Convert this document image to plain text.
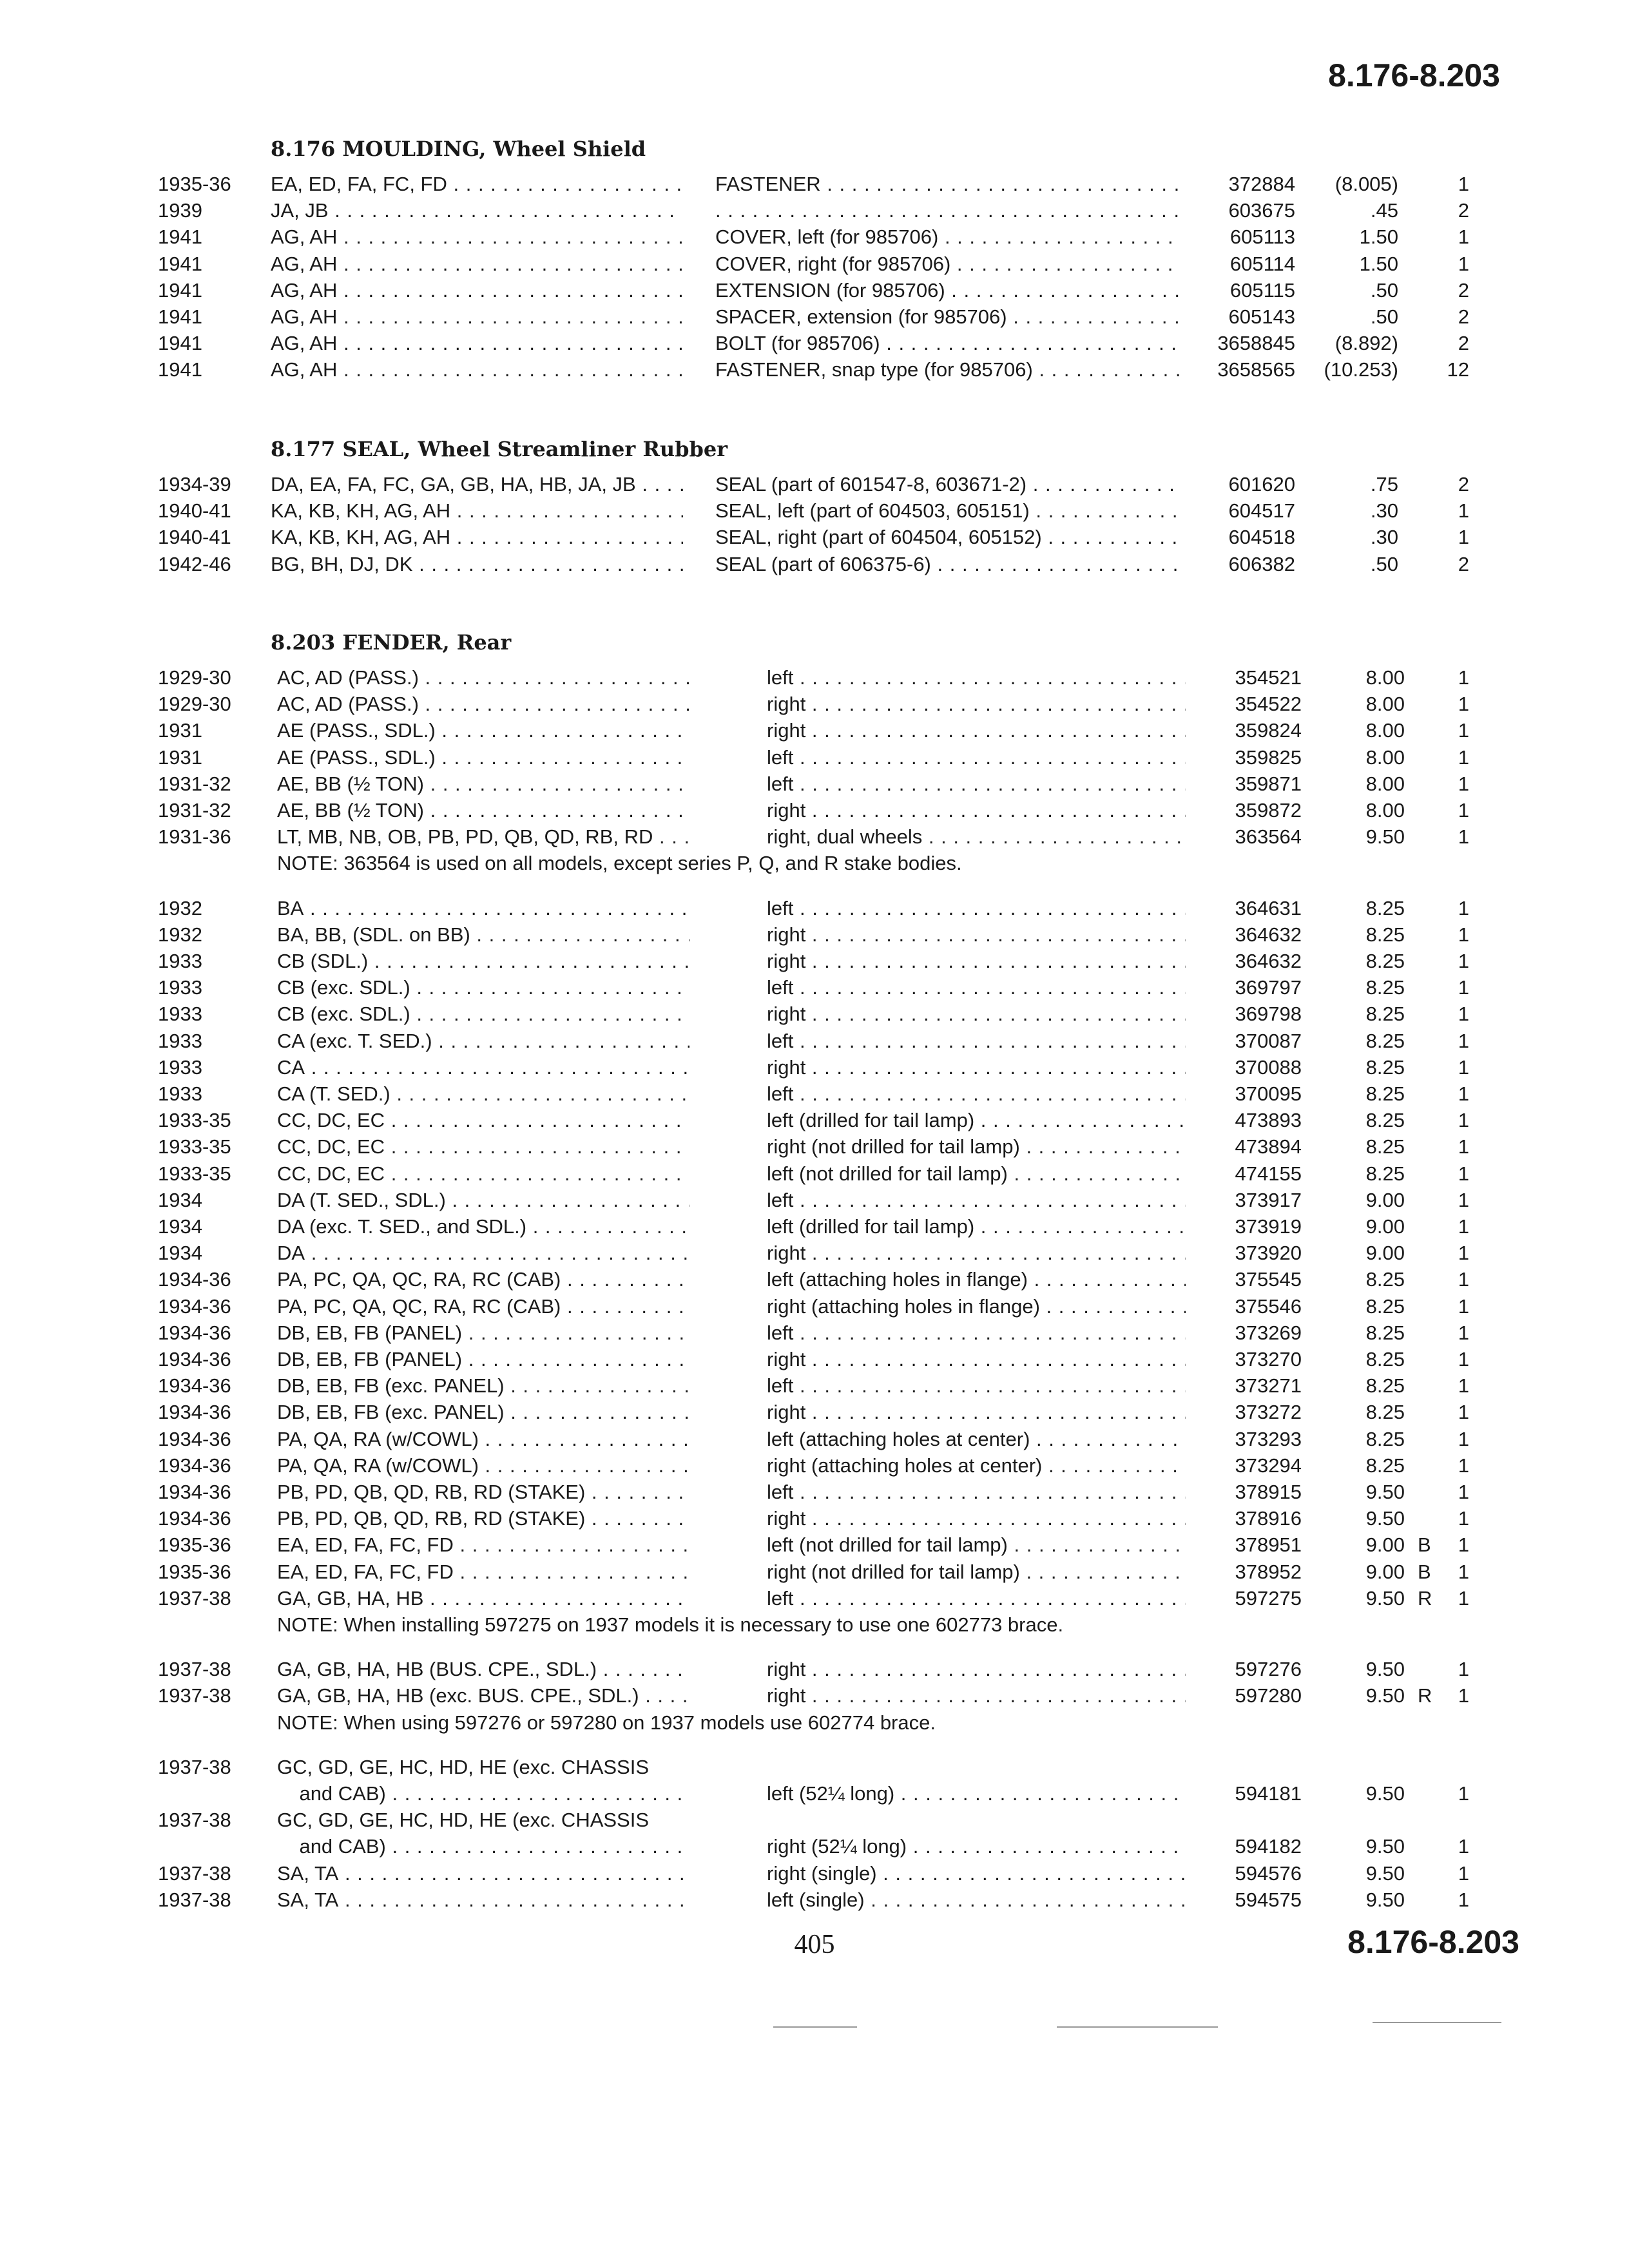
8.176-8.203
8.176 MOULDING, Wheel Shield
1935-36 EA, ED, FA, FC, FD . . .	FASTENER . . .	372884	(8.005)	1
1939	JA, JB . . .
. . .	603675	.45	2
1941	AG, AH . . .	COVER, left (for 985706) . . .	605113	1.50	1
1941	AG, AH . . .	COVER, right (for 985706) . . .	605114	1.50	1
1941	AG, AH . . .	EXTENSION (for 985706) . . .	605115	.50	2
1941	AG, AH . . .	SPACER, extension (for 985706) . . .	605143	.50	2
1941	AG, AH . . .	BOLT (for 985706) . . .	3658845	(8.892)	2
1941	AG, AH . . .	FASTENER, snap type (for 985706) . . .	3658565	(10.253) 12
8.177 SEAL, Wheel Streamliner Rubber
1934-39 DA, EA, FA, FC, GA, GB, HA, HB, JA, JB . . .	SEAL (part of 601547-8, 603671-2) . . .	601620	.75	2
1940-41 KA, KB, KH, AG, AH . . .	SEAL, left (part of 604503, 605151) . . .	604517	.30	1
1940-41 KA, KB, KH, AG, AH . . .	SEAL, right (part of 604504, 605152) . . .	604518	.30	1
1942-46 BG, BH, DJ, DK . . .	SEAL (part of 606375-6) . . .	606382	.50	2
8.203 FENDER, Rear
1929-30 AC, AD (PASS.) . . .	left . . .	354521	8.00	1
1929-30 AC, AD (PASS.) . . .	right . . .	354522	8.00	1
1931	AE (PASS., SDL.) . . .	right . . .	359824	8.00	1
1931	AE (PASS., SDL.) . . .	left . . .	359825	8.00	1
1931-32 AE, BB (½ TON) . . .	left . . .	359871	8.00	1
1931-32 AE, BB (½ TON) . . .	right . . .	359872	8.00	1
1931-36 LT, MB, NB, OB, PB, PD, QB, QD, RB, RD . . .	right, dual wheels . . .	363564	9.50	1
NOTE: 363564 is used on all models, except series P, Q, and R stake bodies.
1932	BA . . .	left . . .	364631	8.25	1
1932	BA, BB, (SDL. on BB) . . .	right . . .	364632	8.25	1
1933	CB (SDL.) . . .	right . . .	364632	8.25	1
1933	CB (exc. SDL.) . . .	left . . .	369797	8.25	1
1933	CB (exc. SDL.) . . .	right . . .	369798	8.25	1
1933	CA (exc. T. SED.) . . .	left . . .	370087	8.25	1
1933	CA . . .	right . . .	370088	8.25	1
1933	CA (T. SED.) . . .	left . . .	370095	8.25	1
1933-35 CC, DC, EC . . .	left (drilled for tail lamp) . . .	473893	8.25	1
1933-35 CC, DC, EC . . .	right (not drilled for tail lamp) . . .	473894	8.25	1
1933-35 CC, DC, EC . . .	left (not drilled for tail lamp) . . .	474155	8.25	1
1934	DA (T. SED., SDL.) . . .	left . . .	373917	9.00	1
1934	DA (exc. T. SED., and SDL.) . . .	left (drilled for tail lamp) . . .	373919	9.00	1
1934	DA . . .	right . . .	373920	9.00	1
1934-36 PA, PC, QA, QC, RA, RC (CAB) . . .	left (attaching holes in flange) . . .	375545	8.25	1
1934-36 PA, PC, QA, QC, RA, RC (CAB) . . .	right (attaching holes in flange) . . .	375546	8.25	1
1934-36 DB, EB, FB (PANEL) . . .	left . . .	373269	8.25	1
1934-36 DB, EB, FB (PANEL) . . .	right . . .	373270	8.25	1
1934-36 DB, EB, FB (exc. PANEL) . . .	left . . .	373271	8.25	1
1934-36 DB, EB, FB (exc. PANEL) . . .	right . . .	373272	8.25	1
1934-36 PA, QA, RA (w/COWL) . . .	left (attaching holes at center) . . .	373293	8.25	1
1934-36 PA, QA, RA (w/COWL) . . .	right (attaching holes at center) . . .	373294	8.25	1
1934-36 PB, PD, QB, QD, RB, RD (STAKE) . . .	left . . .	378915	9.50	1
1934-36 PB, PD, QB, QD, RB, RD (STAKE) . . .	right . . .	378916	9.50	1
1935-36 EA, ED, FA, FC, FD . . .	left (not drilled for tail lamp) . . .	378951	9.00 B	1
1935-36 EA, ED, FA, FC, FD . . .	right (not drilled for tail lamp) . . .	378952	9.00 B	1
1937-38 GA, GB, HA, HB . . .	left . . .	597275	9.50 R	1
NOTE: When installing 597275 on 1937 models it is necessary to use one 602773 brace.
1937-38 GA, GB, HA, HB (BUS. CPE., SDL.) . . .	right . . .	597276	9.50	1
1937-38 GA, GB, HA, HB (exc. BUS. CPE., SDL.) . . .	right . . .	597280	9.50 R	1
NOTE: When using 597276 or 597280 on 1937 models use 602774 brace.
1937-38 GC, GD, GE, HC, HD, HE (exc. CHASSIS
and CAB) . . .	left (52¼ long) . . .	594181	9.50	1
1937-38 GC, GD, GE, HC, HD, HE (exc. CHASSIS
and CAB) . . .	right (52¼ long) . . .	594182	9.50	1
1937-38 SA, TA . . .	right (single) . . .	594576	9.50	1
1937-38 SA, TA . . .	left (single) . . .	594575	9.50	1
405	8.176-8.203
